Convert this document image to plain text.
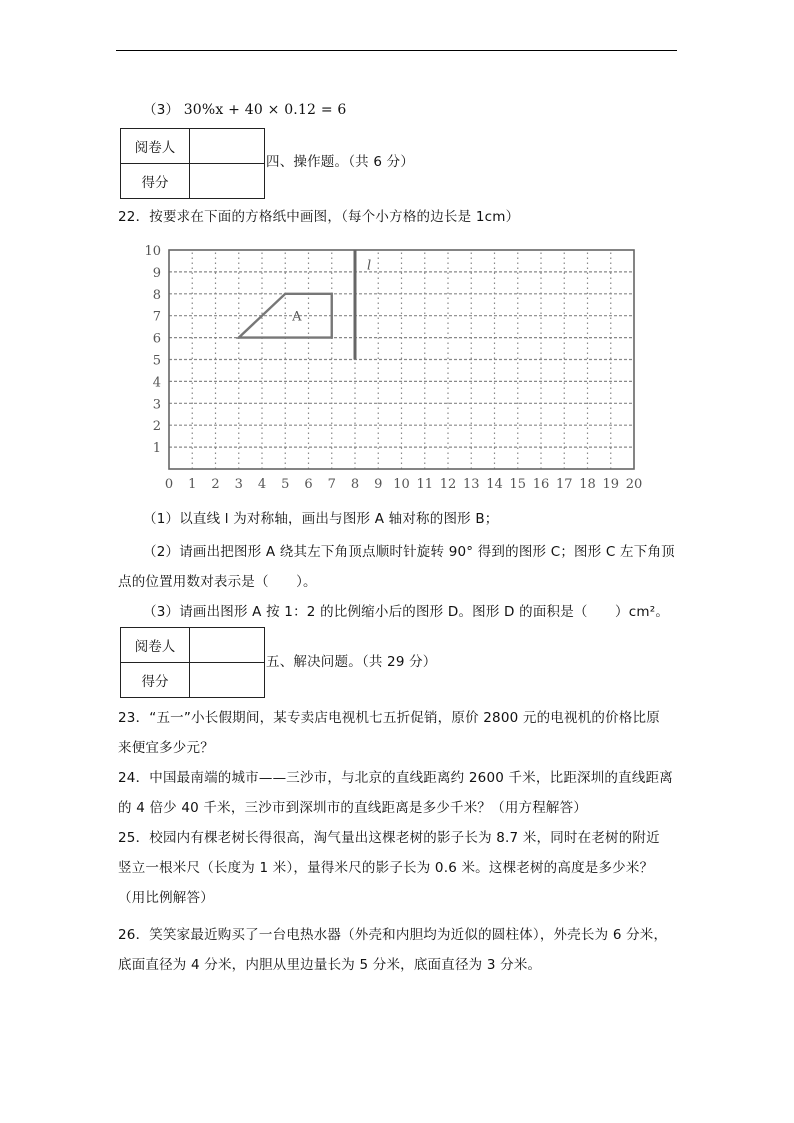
（3） 30%x + 40 × 0.12 = 6
阅卷人	
得分	
四、操作题。（共 6 分）
22．按要求在下面的方格纸中画图，（每个小方格的边长是 1cm）
0 1 2 3 4 5 6 7 8 9 10 11 12 13 14 15 16 17 18 19 20
1
2
3
4
5
6
7
8
9
10
A
l
（1）以直线 l 为对称轴，画出与图形 A 轴对称的图形 B；
（2）请画出把图形 A 绕其左下角顶点顺时针旋转 90° 得到的图形 C；图形 C 左下角顶
点的位置用数对表示是（　　）。
（3）请画出图形 A 按 1：2 的比例缩小后的图形 D。图形 D 的面积是（　　）cm²。
阅卷人	
得分	
五、解决问题。（共 29 分）
23．“五一”小长假期间，某专卖店电视机七五折促销，原价 2800 元的电视机的价格比原
来便宜多少元？
24．中国最南端的城市——三沙市，与北京的直线距离约 2600 千米，比距深圳的直线距离
的 4 倍少 40 千米，三沙市到深圳市的直线距离是多少千米？（用方程解答）
25．校园内有棵老树长得很高，淘气量出这棵老树的影子长为 8.7 米，同时在老树的附近
竖立一根米尺（长度为 1 米），量得米尺的影子长为 0.6 米。这棵老树的高度是多少米？
（用比例解答）
26．笑笑家最近购买了一台电热水器（外壳和内胆均为近似的圆柱体），外壳长为 6 分米，
底面直径为 4 分米，内胆从里边量长为 5 分米，底面直径为 3 分米。
